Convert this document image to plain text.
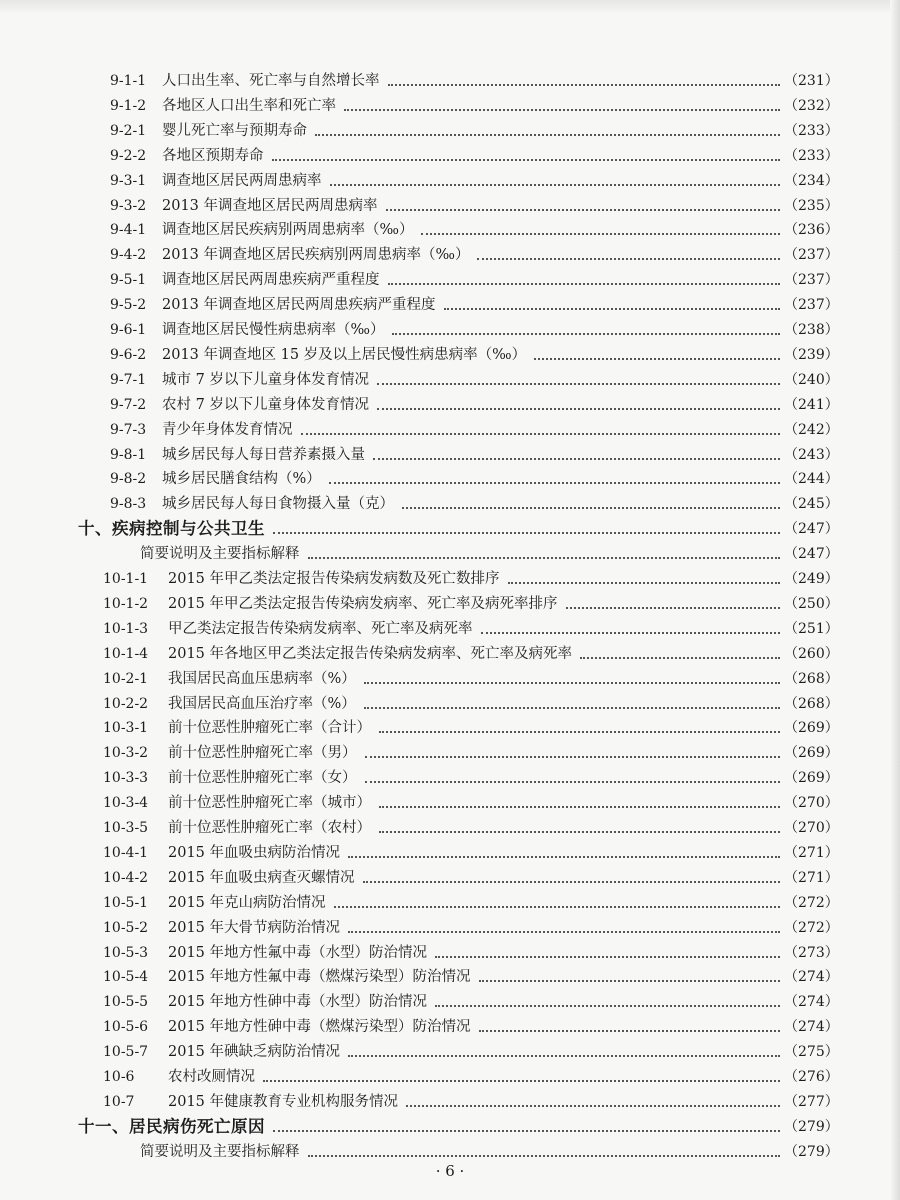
9-1-1 人口出生率、死亡率与自然增长率	（231）
9-1-2 各地区人口出生率和死亡率	（232）
9-2-1 婴儿死亡率与预期寿命	（233）
9-2-2 各地区预期寿命	（233）
9-3-1 调查地区居民两周患病率	（234）
9-3-2 2013 年调查地区居民两周患病率	（235）
9-4-1 调查地区居民疾病别两周患病率（‰）	（236）
9-4-2 2013 年调查地区居民疾病别两周患病率（‰）	（237）
9-5-1 调查地区居民两周患疾病严重程度	（237）
9-5-2 2013 年调查地区居民两周患疾病严重程度	（237）
9-6-1 调查地区居民慢性病患病率（‰）	（238）
9-6-2 2013 年调查地区 15 岁及以上居民慢性病患病率（‰）	（239）
9-7-1 城市 7 岁以下儿童身体发育情况	（240）
9-7-2 农村 7 岁以下儿童身体发育情况	（241）
9-7-3 青少年身体发育情况	（242）
9-8-1 城乡居民每人每日营养素摄入量	（243）
9-8-2 城乡居民膳食结构（%）	（244）
9-8-3 城乡居民每人每日食物摄入量（克）	（245）
十、疾病控制与公共卫生	（247）
简要说明及主要指标解释	（247）
10-1-1 2015 年甲乙类法定报告传染病发病数及死亡数排序	（249）
10-1-2 2015 年甲乙类法定报告传染病发病率、死亡率及病死率排序	（250）
10-1-3 甲乙类法定报告传染病发病率、死亡率及病死率	（251）
10-1-4 2015 年各地区甲乙类法定报告传染病发病率、死亡率及病死率	（260）
10-2-1 我国居民高血压患病率（%）	（268）
10-2-2 我国居民高血压治疗率（%）	（268）
10-3-1 前十位恶性肿瘤死亡率（合计）	（269）
10-3-2 前十位恶性肿瘤死亡率（男）	（269）
10-3-3 前十位恶性肿瘤死亡率（女）	（269）
10-3-4 前十位恶性肿瘤死亡率（城市）	（270）
10-3-5 前十位恶性肿瘤死亡率（农村）	（270）
10-4-1 2015 年血吸虫病防治情况	（271）
10-4-2 2015 年血吸虫病查灭螺情况	（271）
10-5-1 2015 年克山病防治情况	（272）
10-5-2 2015 年大骨节病防治情况	（272）
10-5-3 2015 年地方性氟中毒（水型）防治情况	（273）
10-5-4 2015 年地方性氟中毒（燃煤污染型）防治情况	（274）
10-5-5 2015 年地方性砷中毒（水型）防治情况	（274）
10-5-6 2015 年地方性砷中毒（燃煤污染型）防治情况	（274）
10-5-7 2015 年碘缺乏病防治情况	（275）
10-6 农村改厕情况	（276）
10-7 2015 年健康教育专业机构服务情况	（277）
十一、居民病伤死亡原因	（279）
简要说明及主要指标解释	（279）
· 6 ·
